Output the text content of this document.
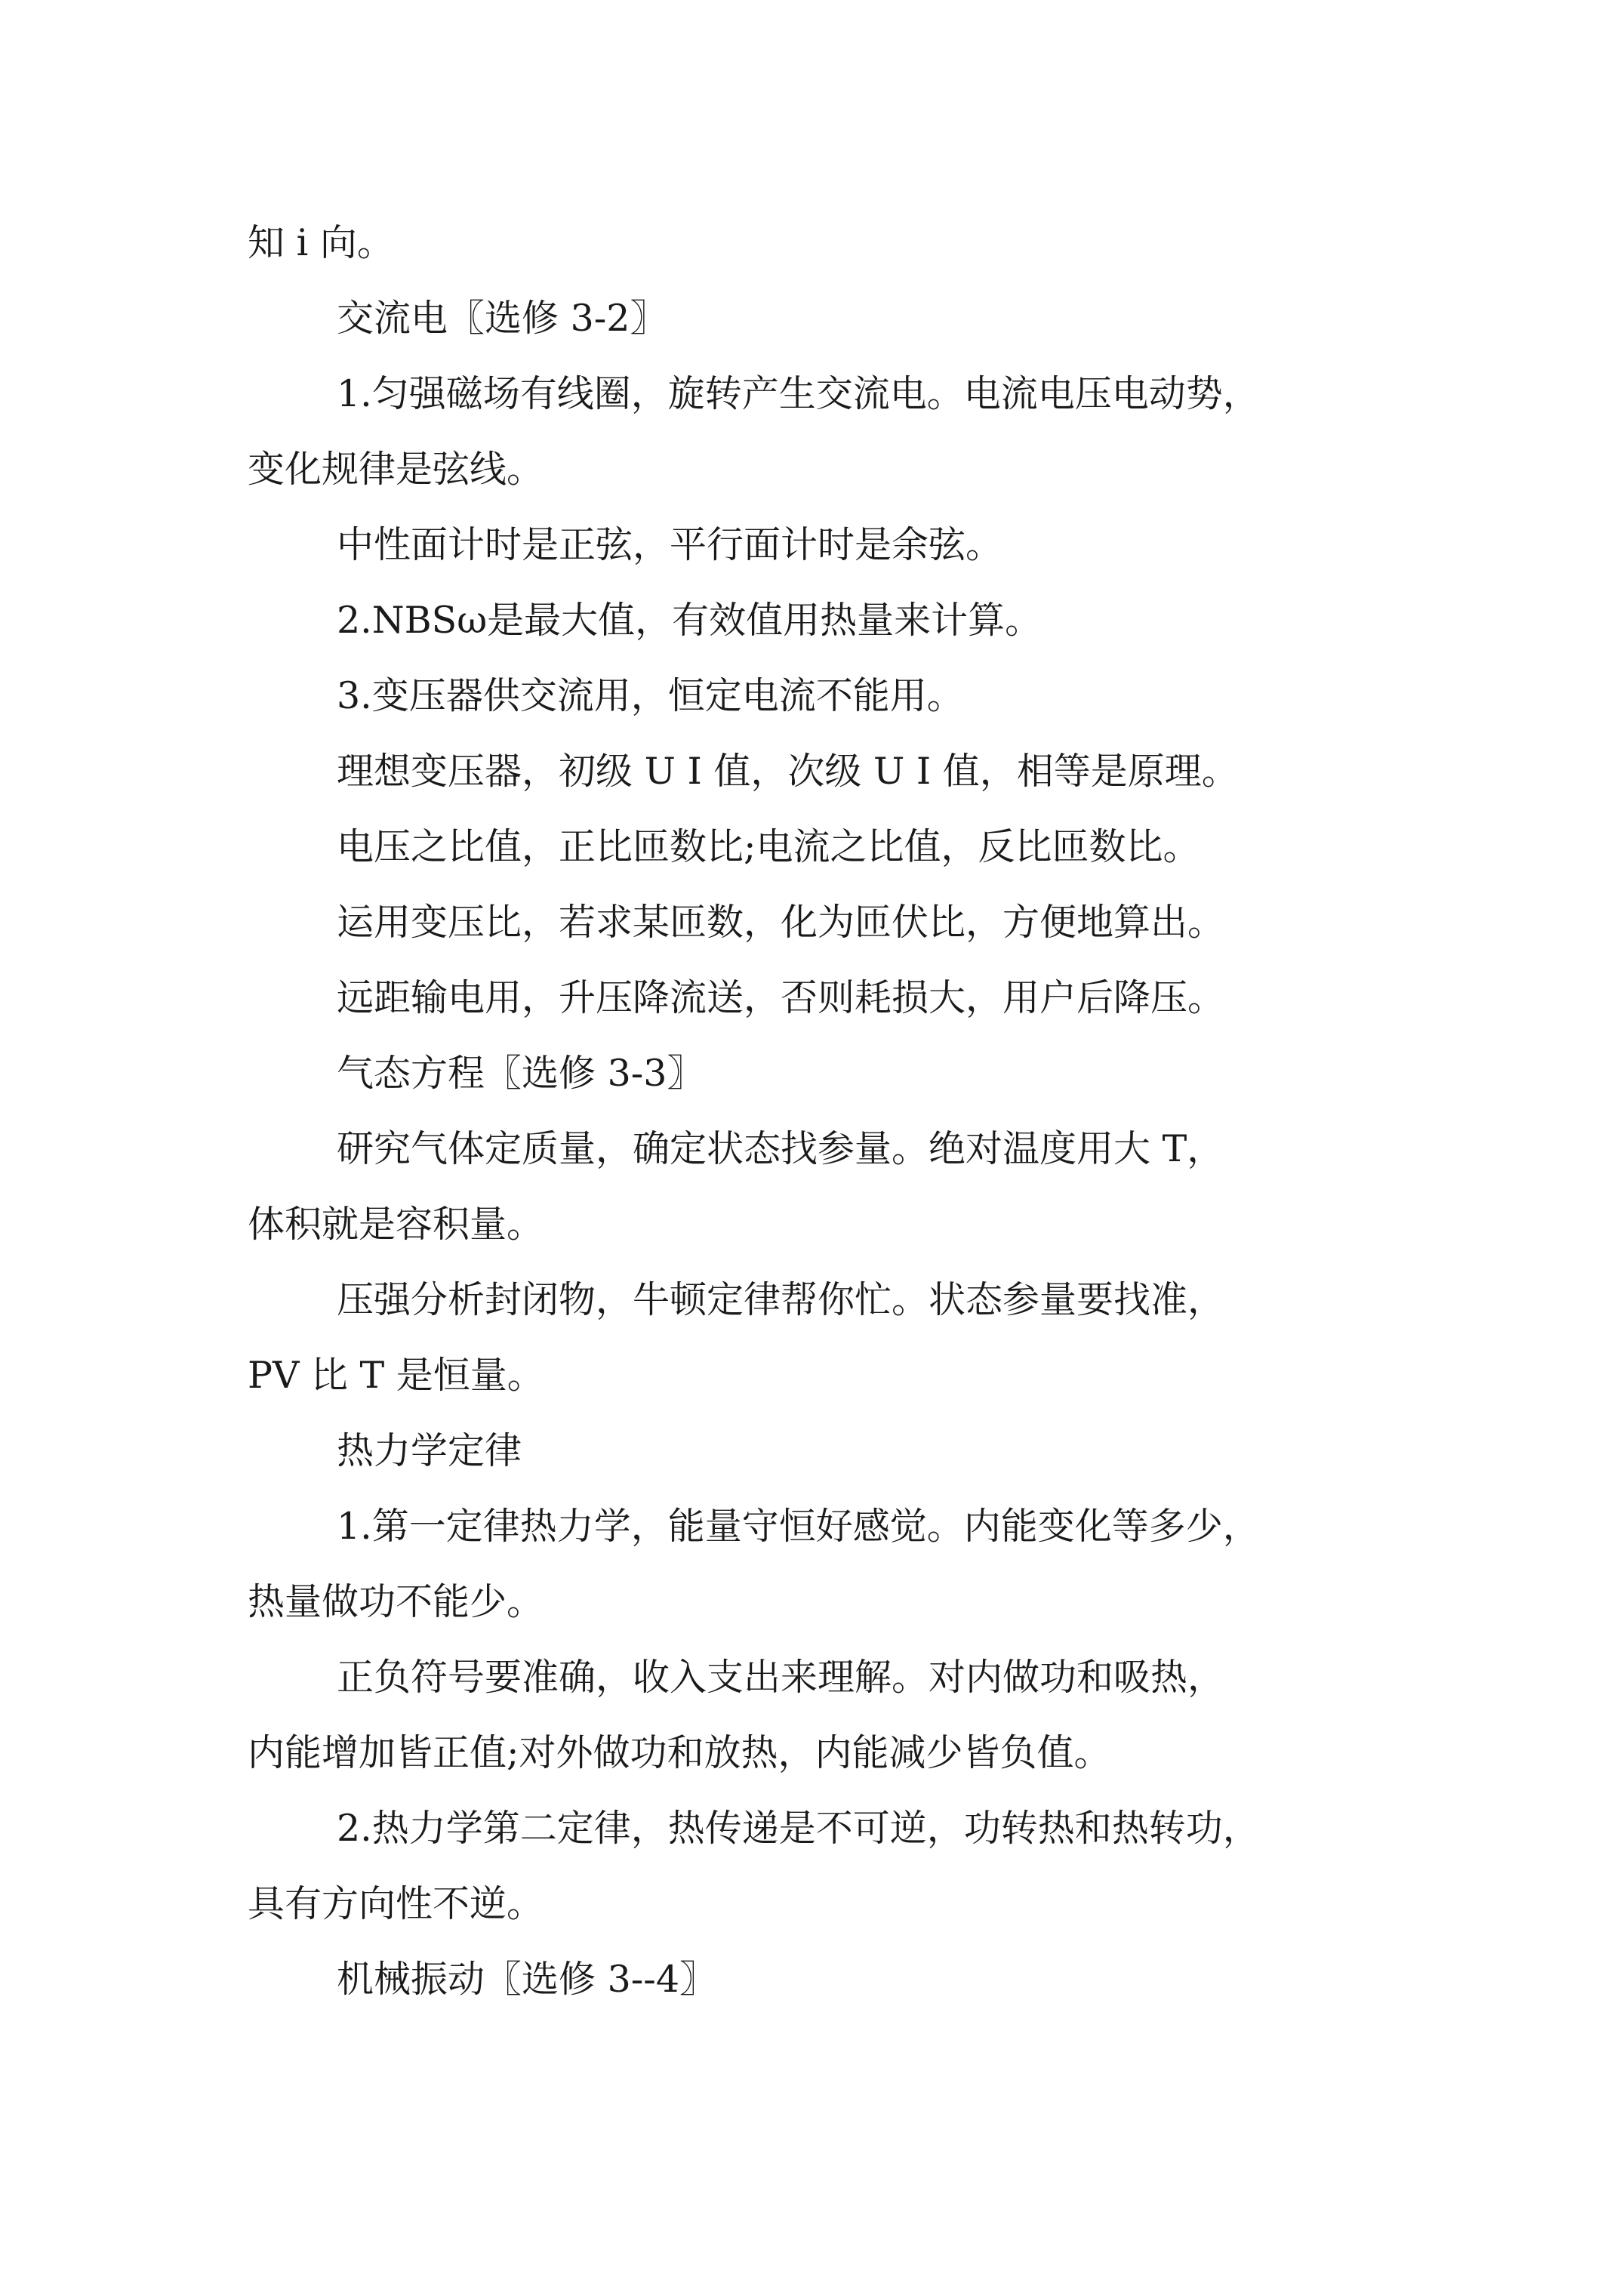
知 i 向。
交流电〖选修 3-2〗
1.匀强磁场有线圈，旋转产生交流电。电流电压电动势，
变化规律是弦线。
中性面计时是正弦，平行面计时是余弦。
2.NBSω是最大值，有效值用热量来计算。
3.变压器供交流用，恒定电流不能用。
理想变压器，初级 U I 值，次级 U I 值，相等是原理。
电压之比值，正比匝数比;电流之比值，反比匝数比。
运用变压比，若求某匝数，化为匝伏比，方便地算出。
远距输电用，升压降流送，否则耗损大，用户后降压。
气态方程〖选修 3-3〗
研究气体定质量，确定状态找参量。绝对温度用大 T，
体积就是容积量。
压强分析封闭物，牛顿定律帮你忙。状态参量要找准，
PV 比 T 是恒量。
热力学定律
1.第一定律热力学，能量守恒好感觉。内能变化等多少，
热量做功不能少。
正负符号要准确，收入支出来理解。对内做功和吸热，
内能增加皆正值;对外做功和放热，内能减少皆负值。
2.热力学第二定律，热传递是不可逆，功转热和热转功，
具有方向性不逆。
机械振动〖选修 3--4〗
